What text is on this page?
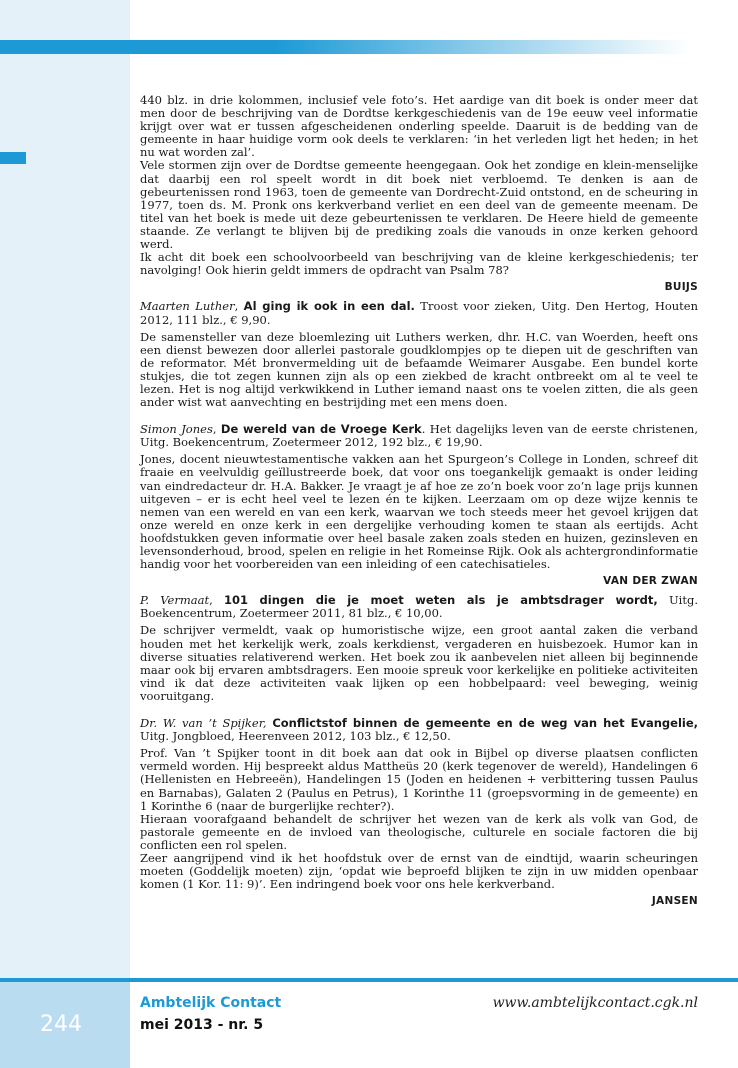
440 blz. in drie kolommen, inclusief vele foto’s. Het aardige van dit boek is onder meer dat men door de beschrijving van de Dordtse kerkgeschiedenis van de 19e eeuw veel informatie krijgt over wat er tussen afgescheidenen onderling speelde. Daaruit is de bedding van de gemeente in haar huidige vorm ook deels te verklaren: ‘in het verleden ligt het heden; in het nu wat worden zal’.

Vele stormen zijn over de Dordtse gemeente heengegaan. Ook het zondige en klein-menselijke dat daarbij een rol speelt wordt in dit boek niet verbloemd. Te denken is aan de gebeurtenissen rond 1963, toen de gemeente van Dordrecht-Zuid ontstond, en de scheuring in 1977, toen ds. M. Pronk ons kerkverband verliet en een deel van de gemeente meenam. De titel van het boek is mede uit deze gebeurtenissen te verklaren. De Heere hield de gemeente staande. Ze verlangt te blijven bij de prediking zoals die vanouds in onze kerken gehoord werd.

Ik acht dit boek een schoolvoorbeeld van beschrijving van de kleine kerkgeschiedenis; ter navolging! Ook hierin geldt immers de opdracht van Psalm 78?

BUIJS

Maarten Luther, Al ging ik ook in een dal. Troost voor zieken, Uitg. Den Hertog, Houten 2012, 111 blz., € 9,90.

De samensteller van deze bloemlezing uit Luthers werken, dhr. H.C. van Woerden, heeft ons een dienst bewezen door allerlei pastorale goudklompjes op te diepen uit de geschriften van de reformator. Mét bronvermelding uit de befaamde Weimarer Ausgabe. Een bundel korte stukjes, die tot zegen kunnen zijn als op een ziekbed de kracht ontbreekt om al te veel te lezen. Het is nog altijd verkwikkend in Luther iemand naast ons te voelen zitten, die als geen ander wist wat aanvechting en bestrijding met een mens doen.

Simon Jones, De wereld van de Vroege Kerk. Het dagelijks leven van de eerste christenen, Uitg. Boekencentrum, Zoetermeer 2012, 192 blz., € 19,90.

Jones, docent nieuwtestamentische vakken aan het Spurgeon’s College in Londen, schreef dit fraaie en veelvuldig geïllustreerde boek, dat voor ons toegankelijk gemaakt is onder leiding van eindredacteur dr. H.A. Bakker. Je vraagt je af hoe ze zo’n boek voor zo’n lage prijs kunnen uitgeven – er is echt heel veel te lezen én te kijken. Leerzaam om op deze wijze kennis te nemen van een wereld en van een kerk, waarvan we toch steeds meer het gevoel krijgen dat onze wereld en onze kerk in een dergelijke verhouding komen te staan als eertijds. Acht hoofdstukken geven informatie over heel basale zaken zoals steden en huizen, gezinsleven en levensonderhoud, brood, spelen en religie in het Romeinse Rijk. Ook als achtergrondinformatie handig voor het voorbereiden van een inleiding of een catechisatieles.

VAN DER ZWAN

P. Vermaat, 101 dingen die je moet weten als je ambtsdrager wordt, Uitg. Boekencentrum, Zoetermeer 2011, 81 blz., € 10,00.

De schrijver vermeldt, vaak op humoristische wijze, een groot aantal zaken die verband houden met het kerkelijk werk, zoals kerkdienst, vergaderen en huisbezoek. Humor kan in diverse situaties relativerend werken. Het boek zou ik aanbevelen niet alleen bij beginnende maar ook bij ervaren ambtsdragers. Een mooie spreuk voor kerkelijke en politieke activiteiten vind ik dat deze activiteiten vaak lijken op een hobbelpaard: veel beweging, weinig vooruitgang.

Dr. W. van ’t Spijker, Conflictstof binnen de gemeente en de weg van het Evangelie, Uitg. Jongbloed, Heerenveen 2012, 103 blz., € 12,50.

Prof. Van ’t Spijker toont in dit boek aan dat ook in Bijbel op diverse plaatsen conflicten vermeld worden. Hij bespreekt aldus Mattheüs 20 (kerk tegenover de wereld), Handelingen 6 (Hellenisten en Hebreeën), Handelingen 15 (Joden en heidenen + verbittering tussen Paulus en Barnabas), Galaten 2 (Paulus en Petrus), 1 Korinthe 11 (groepsvorming in de gemeente) en 1 Korinthe 6 (naar de burgerlijke rechter?).

Hieraan voorafgaand behandelt de schrijver het wezen van de kerk als volk van God, de pastorale gemeente en de invloed van theologische, culturele en sociale factoren die bij conflicten een rol spelen.

Zeer aangrijpend vind ik het hoofdstuk over de ernst van de eindtijd, waarin scheuringen moeten (Goddelijk moeten) zijn, ‘opdat wie beproefd blijken te zijn in uw midden openbaar komen (1 Kor. 11: 9)’. Een indringend boek voor ons hele kerkverband.

JANSEN
244
Ambtelijk Contact
mei 2013 - nr. 5
www.ambtelijkcontact.cgk.nl
